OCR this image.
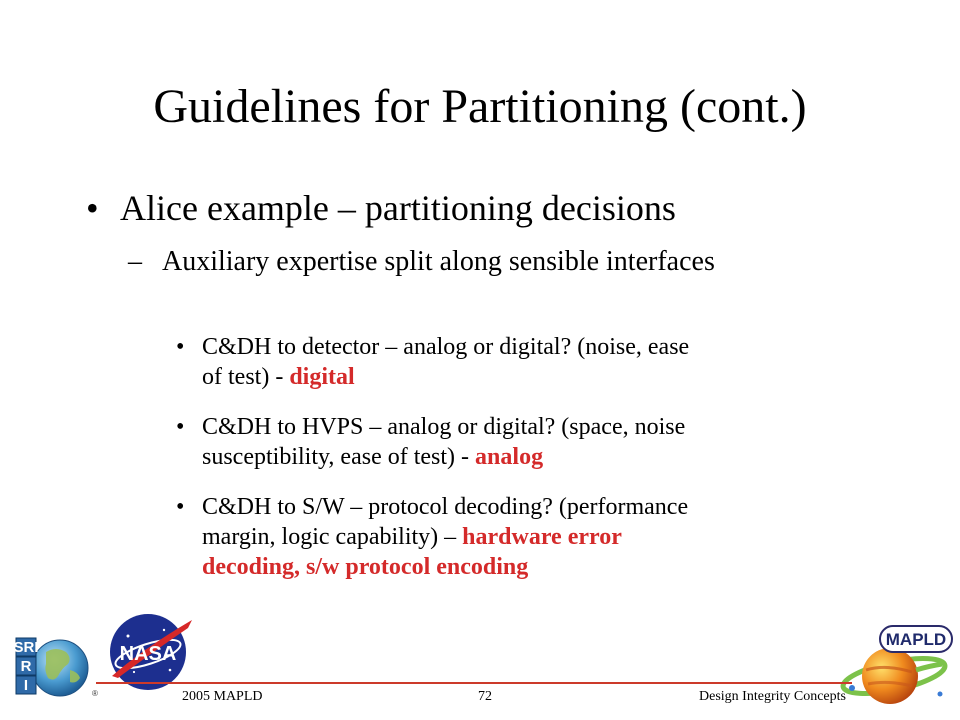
Guidelines for Partitioning (cont.)
• Alice example – partitioning decisions
– Auxiliary expertise split along sensible interfaces
• C&DH to detector – analog or digital? (noise, ease
of test) - digital
• C&DH to HVPS – analog or digital? (space, noise
susceptibility, ease of test) - analog
• C&DH to S/W – protocol decoding? (performance
margin, logic capability) – hardware error
decoding, s/w protocol encoding
SRI
R
I	®
NASA
MAPLD
2005 MAPLD	72	Design Integrity Concepts
